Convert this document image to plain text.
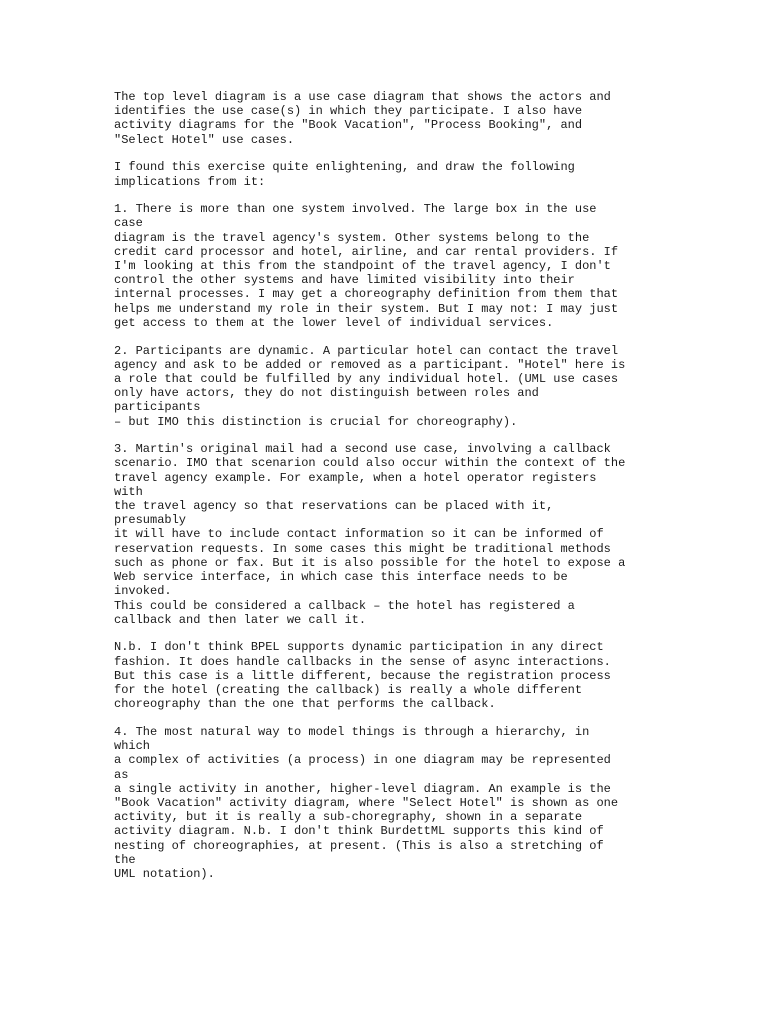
The top level diagram is a use case diagram that shows the actors and
identifies the use case(s) in which they participate. I also have
activity diagrams for the "Book Vacation", "Process Booking", and
"Select Hotel" use cases.

I found this exercise quite enlightening, and draw the following
implications from it:

1. There is more than one system involved. The large box in the use
case
diagram is the travel agency's system. Other systems belong to the
credit card processor and hotel, airline, and car rental providers. If
I'm looking at this from the standpoint of the travel agency, I don't
control the other systems and have limited visibility into their
internal processes. I may get a choreography definition from them that
helps me understand my role in their system. But I may not: I may just
get access to them at the lower level of individual services.

2. Participants are dynamic. A particular hotel can contact the travel
agency and ask to be added or removed as a participant. "Hotel" here is
a role that could be fulfilled by any individual hotel. (UML use cases
only have actors, they do not distinguish between roles and
participants
– but IMO this distinction is crucial for choreography).

3. Martin's original mail had a second use case, involving a callback
scenario. IMO that scenarion could also occur within the context of the
travel agency example. For example, when a hotel operator registers
with
the travel agency so that reservations can be placed with it,
presumably
it will have to include contact information so it can be informed of
reservation requests. In some cases this might be traditional methods
such as phone or fax. But it is also possible for the hotel to expose a
Web service interface, in which case this interface needs to be
invoked.
This could be considered a callback – the hotel has registered a
callback and then later we call it.

N.b. I don't think BPEL supports dynamic participation in any direct
fashion. It does handle callbacks in the sense of async interactions.
But this case is a little different, because the registration process
for the hotel (creating the callback) is really a whole different
choreography than the one that performs the callback.

4. The most natural way to model things is through a hierarchy, in
which
a complex of activities (a process) in one diagram may be represented
as
a single activity in another, higher-level diagram. An example is the
"Book Vacation" activity diagram, where "Select Hotel" is shown as one
activity, but it is really a sub-choregraphy, shown in a separate
activity diagram. N.b. I don't think BurdettML supports this kind of
nesting of choreographies, at present. (This is also a stretching of
the
UML notation).
